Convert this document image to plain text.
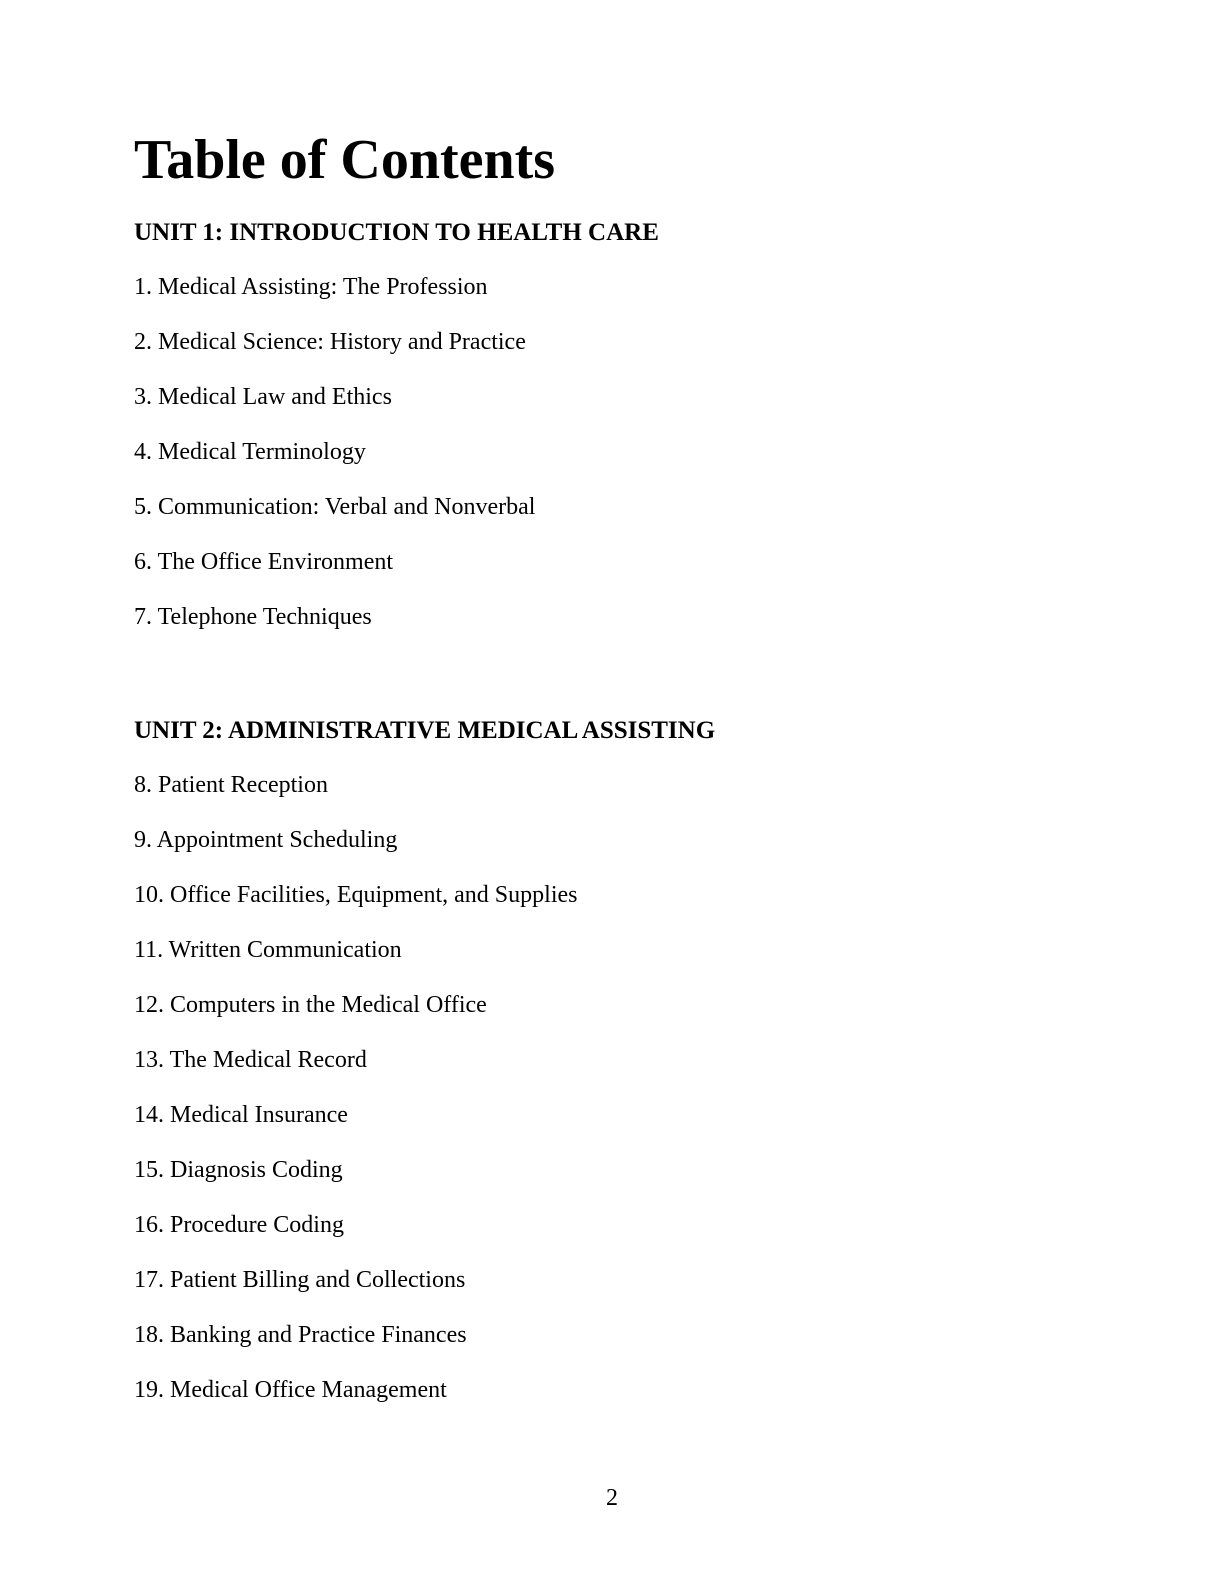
Table of Contents
UNIT 1: INTRODUCTION TO HEALTH CARE

1. Medical Assisting: The Profession

2. Medical Science: History and Practice

3. Medical Law and Ethics

4. Medical Terminology

5. Communication: Verbal and Nonverbal

6. The Office Environment

7. Telephone Techniques

UNIT 2: ADMINISTRATIVE MEDICAL ASSISTING

8. Patient Reception

9. Appointment Scheduling

10. Office Facilities, Equipment, and Supplies

11. Written Communication

12. Computers in the Medical Office

13. The Medical Record

14. Medical Insurance

15. Diagnosis Coding

16. Procedure Coding

17. Patient Billing and Collections

18. Banking and Practice Finances

19. Medical Office Management

2
